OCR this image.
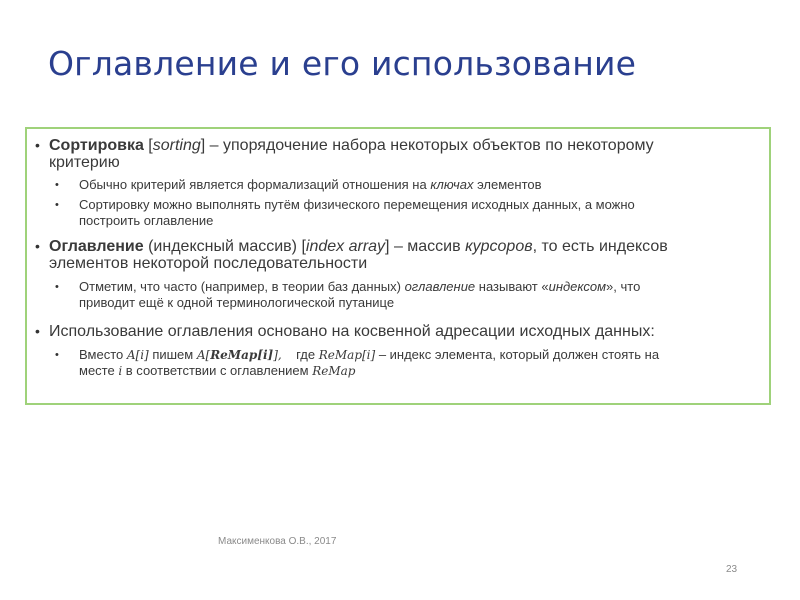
Оглавление и его использование
• Сортировка [sorting] – упорядочение набора некоторых объектов по некоторому
критерию
• Обычно критерий является формализаций отношения на ключах элементов
• Сортировку можно выполнять путём физического перемещения исходных данных, а можно
построить оглавление
• Оглавление (индексный массив) [index array] – массив курсоров, то есть индексов
элементов некоторой последовательности
• Отметим, что часто (например, в теории баз данных) оглавление называют «индексом», что
приводит ещё к одной терминологической путанице
• Использование оглавления основано на косвенной адресации исходных данных:
• Вместо A[i] пишем A[ReMap[i]],    где ReMap[i] – индекс элемента, который должен стоять на
месте i в соответствии с оглавлением ReMap
Максименкова О.В., 2017
23
